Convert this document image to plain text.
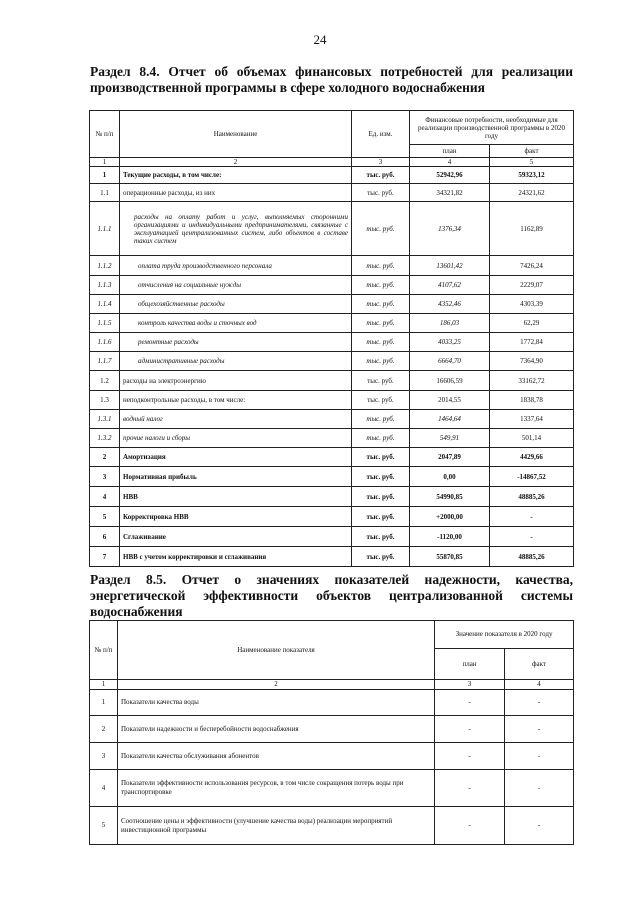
24
Раздел 8.4. Отчет об объемах финансовых потребностей для реализации производственной программы в сфере холодного водоснабжения
№ п/п	Наименование	Ед. изм.	Финансовые потребности, необходимые для реализации производственной программы в 2020 году	
			план	факт
1	2	3	4	5
1	Текущие расходы, в том числе:	тыс. руб.	52942,96	59323,12
1.1	операционные расходы, из них	тыс. руб.	34321,82	24321,62
1.1.1	расходы на оплату работ и услуг, выполняемых сторонними организациями и индивидуальными предпринимателями, связанные с эксплуатацией централизованных систем, либо объектов в составе таких систем	тыс. руб.	1376,34	1162,89
1.1.2	оплата труда производственного персонала	тыс. руб.	13601,42	7426,24
1.1.3	отчисления на социальные нужды	тыс. руб.	4107,62	2229,07
1.1.4	общехозяйственные расходы	тыс. руб.	4352,46	4303,39
1.1.5	контроль качества воды и сточных вод	тыс. руб.	186,03	62,29
1.1.6	ремонтные расходы	тыс. руб.	4033,25	1772,84
1.1.7	административные расходы	тыс. руб.	6664,70	7364,90
1.2	расходы на электроэнергию	тыс. руб.	16606,59	33162,72
1.3	неподконтрольные расходы, в том числе:	тыс. руб.	2014,55	1838,78
1.3.1	водный налог	тыс. руб.	1464,64	1337,64
1.3.2	прочие налоги и сборы	тыс. руб.	549,91	501,14
2	Амортизация	тыс. руб.	2047,89	4429,66
3	Нормативная прибыль	тыс. руб.	0,00	-14867,52
4	НВВ	тыс. руб.	54990,85	48885,26
5	Корректировка НВВ	тыс. руб.	+2000,00	-
6	Сглаживание	тыс. руб.	-1120,00	-
7	НВВ с учетом корректировки и сглаживания	тыс. руб.	55870,85	48885,26
Раздел 8.5. Отчет о значениях показателей надежности, качества, энергетической эффективности объектов централизованной системы водоснабжения
№ п/п	Наименование показателя	Значение показателя в 2020 году	
		план	факт
1	2	3	4
1	Показатели качества воды	-	-
2	Показатели надежности и бесперебойности водоснабжения	-	-
3	Показатели качества обслуживания абонентов	-	-
4	Показатели эффективности использования ресурсов, в том числе сокращения потерь воды при транспортировке	-	-
5	Соотношение цены и эффективности (улучшение качества воды) реализации мероприятий инвестиционной программы	-	-
